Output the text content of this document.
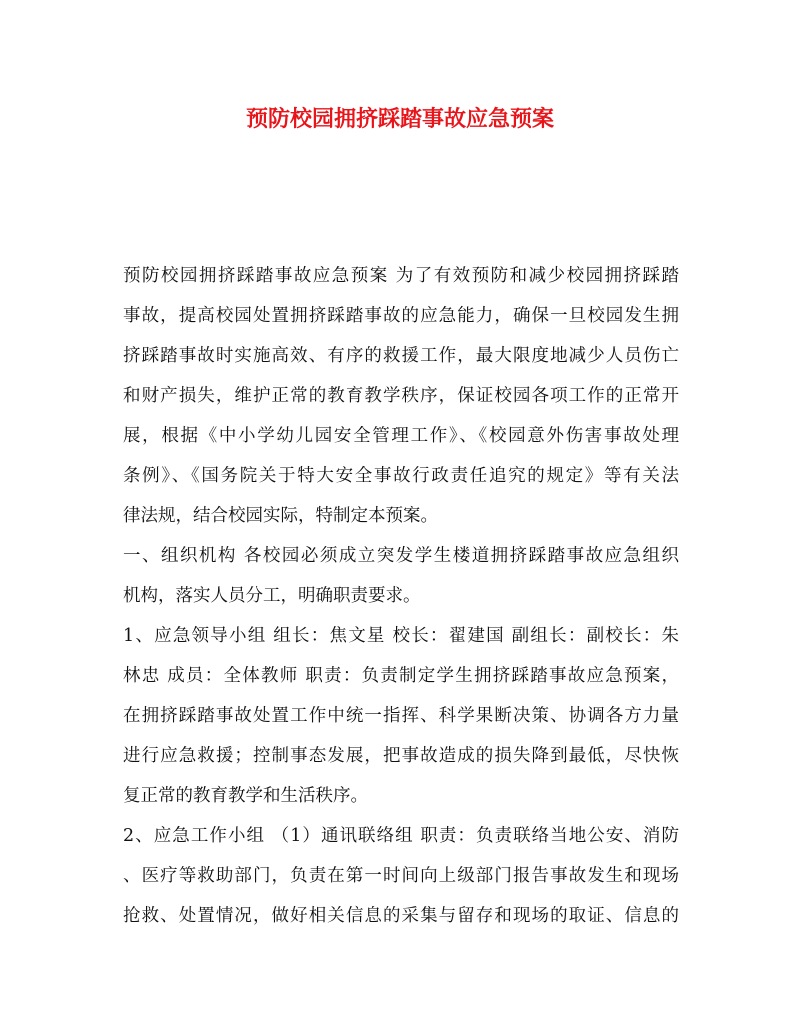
预防校园拥挤踩踏事故应急预案
预防校园拥挤踩踏事故应急预案 为了有效预防和减少校园拥挤踩踏
事故，提高校园处置拥挤踩踏事故的应急能力，确保一旦校园发生拥
挤踩踏事故时实施高效、有序的救援工作，最大限度地减少人员伤亡
和财产损失，维护正常的教育教学秩序，保证校园各项工作的正常开
展，根据《中小学幼儿园安全管理工作》、《校园意外伤害事故处理
条例》、《国务院关于特大安全事故行政责任追究的规定》等有关法
律法规，结合校园实际，特制定本预案。
一、组织机构 各校园必须成立突发学生楼道拥挤踩踏事故应急组织
机构，落实人员分工，明确职责要求。
1、应急领导小组 组长：焦文星 校长：翟建国 副组长：副校长：朱
林忠 成员：全体教师 职责：负责制定学生拥挤踩踏事故应急预案，
在拥挤踩踏事故处置工作中统一指挥、科学果断决策、协调各方力量
进行应急救援；控制事态发展，把事故造成的损失降到最低，尽快恢
复正常的教育教学和生活秩序。
2、应急工作小组 （1）通讯联络组 职责：负责联络当地公安、消防
、医疗等救助部门，负责在第一时间向上级部门报告事故发生和现场
抢救、处置情况，做好相关信息的采集与留存和现场的取证、信息的
